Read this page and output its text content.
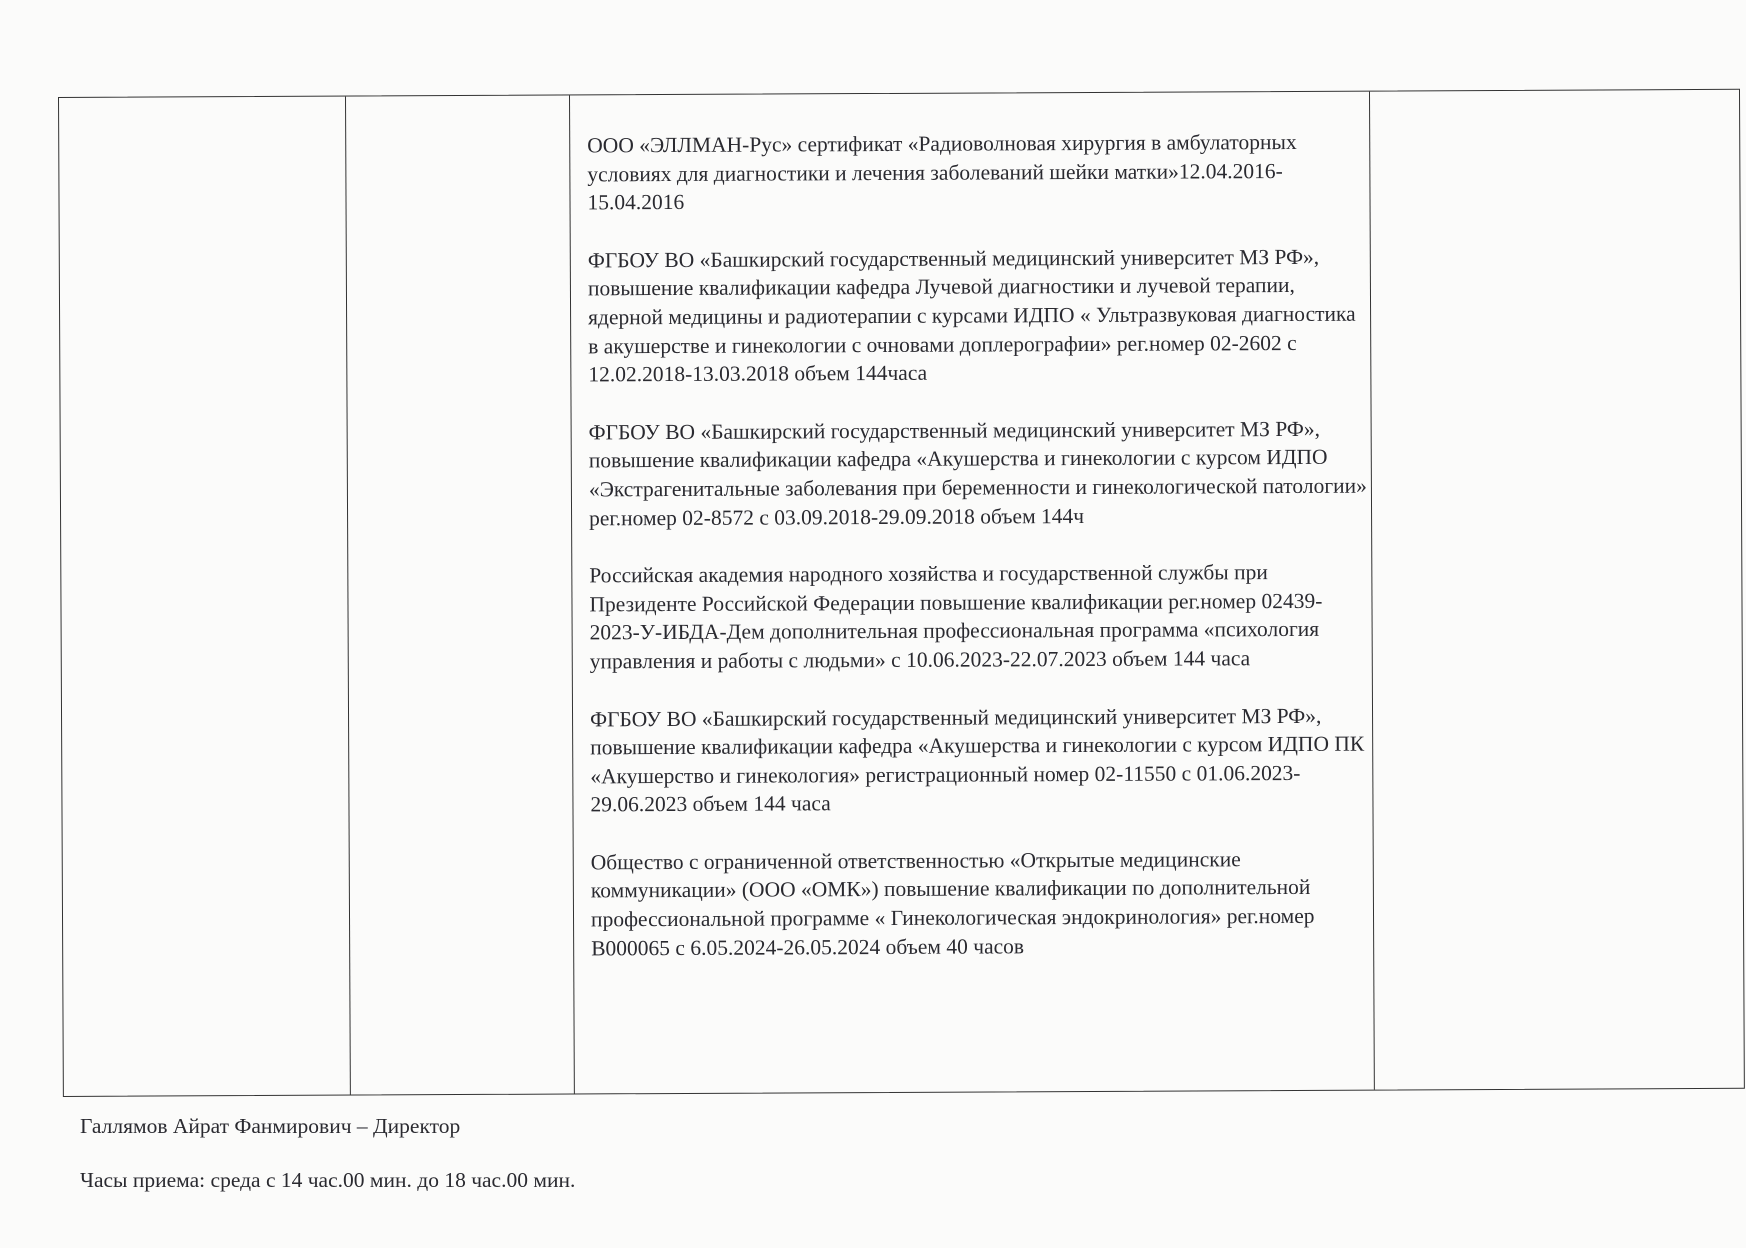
ООО «ЭЛЛМАН-Рус» сертификат «Радиоволновая хирургия в амбулаторных условиях для диагностики и лечения заболеваний шейки матки»12.04.2016-15.04.2016

ФГБОУ ВО «Башкирский государственный медицинский университет МЗ РФ», повышение квалификации кафедра Лучевой диагностики и лучевой терапии, ядерной медицины и радиотерапии с курсами ИДПО « Ультразвуковая диагностика в акушерстве и гинекологии с очновами доплерографии» рег.номер 02-2602 с 12.02.2018-13.03.2018 объем 144часа

ФГБОУ ВО «Башкирский государственный медицинский университет МЗ РФ», повышение квалификации кафедра «Акушерства и гинекологии с курсом ИДПО «Экстрагенитальные заболевания при беременности и гинекологической патологии» рег.номер 02-8572 с 03.09.2018-29.09.2018 объем 144ч

Российская академия народного хозяйства и государственной службы при Президенте Российской Федерации повышение квалификации рег.номер 02439-2023-У-ИБДА-Дем дополнительная профессиональная программа «психология управления и работы с людьми» с 10.06.2023-22.07.2023 объем 144 часа

ФГБОУ ВО «Башкирский государственный медицинский университет МЗ РФ», повышение квалификации кафедра «Акушерства и гинекологии с курсом ИДПО ПК «Акушерство и гинекология» регистрационный номер 02-11550 с 01.06.2023-29.06.2023 объем 144 часа

Общество с ограниченной ответственностью «Открытые медицинские коммуникации» (ООО «ОМК») повышение квалификации по дополнительной профессиональной программе « Гинекологическая эндокринология» рег.номер В000065 с 6.05.2024-26.05.2024 объем 40 часов

Галлямов Айрат Фанмирович – Директор
Часы приема: среда с 14 час.00 мин. до 18 час.00 мин.
